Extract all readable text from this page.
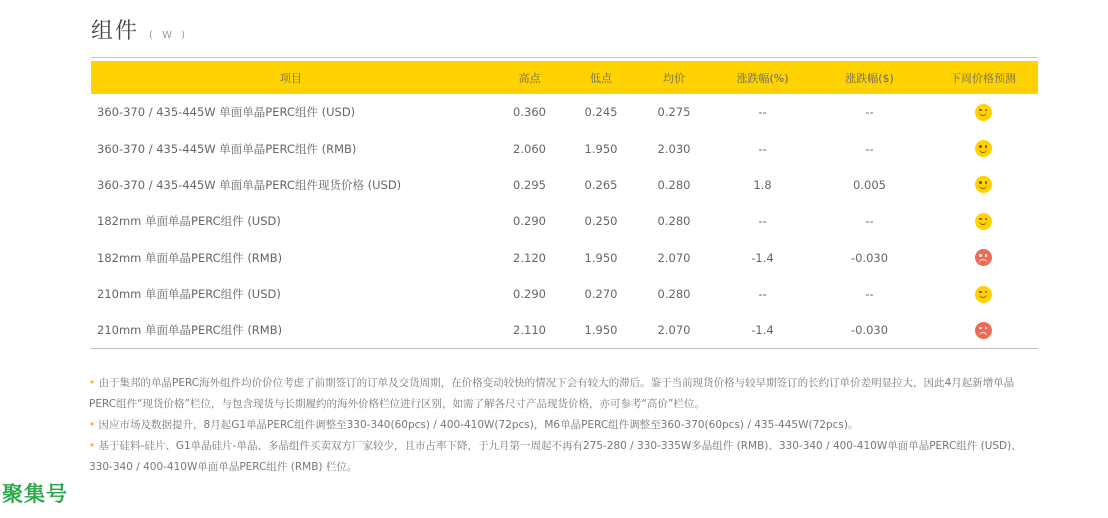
组件 ( W )
项目	高点	低点	均价	涨跌幅(%)	涨跌幅($)	下周价格预测
360-370 / 435-445W 单面单晶PERC组件 (USD)	0.360	0.245	0.275	--	--	

360-370 / 435-445W 单面单晶PERC组件 (RMB)	2.060	1.950	2.030	--	--	

360-370 / 435-445W 单面单晶PERC组件现货价格 (USD)	0.295	0.265	0.280	1.8	0.005	

182mm 单面单晶PERC组件 (USD)	0.290	0.250	0.280	--	--	

182mm 单面单晶PERC组件 (RMB)	2.120	1.950	2.070	-1.4	-0.030	

210mm 单面单晶PERC组件 (USD)	0.290	0.270	0.280	--	--	

210mm 单面单晶PERC组件 (RMB)	2.110	1.950	2.070	-1.4	-0.030	

• 由于集邦的单晶PERC海外组件均价价位考虑了前期签订的订单及交货周期，在价格变动较快的情况下会有较大的滞后。鉴于当前现货价格与较早期签订的长约订单价差明显拉大，因此4月起新增单晶PERC组件“现货价格”栏位，与包含现货与长期履约的海外价格栏位进行区别，如需了解各尺寸产品现货价格，亦可参考“高价”栏位。

• 因应市场及数据提升，8月起G1单晶PERC组件调整至330-340(60pcs) / 400-410W(72pcs)，M6单晶PERC组件调整至360-370(60pcs) / 435-445W(72pcs)。

• 基于硅料-硅片、G1单晶硅片-单晶、多晶组件买卖双方厂家较少，且市占率下降，于九月第一周起不再有275-280 / 330-335W多晶组件 (RMB)、330-340 / 400-410W单面单晶PERC组件 (USD)、330-340 / 400-410W单面单晶PERC组件 (RMB) 栏位。

聚集号
